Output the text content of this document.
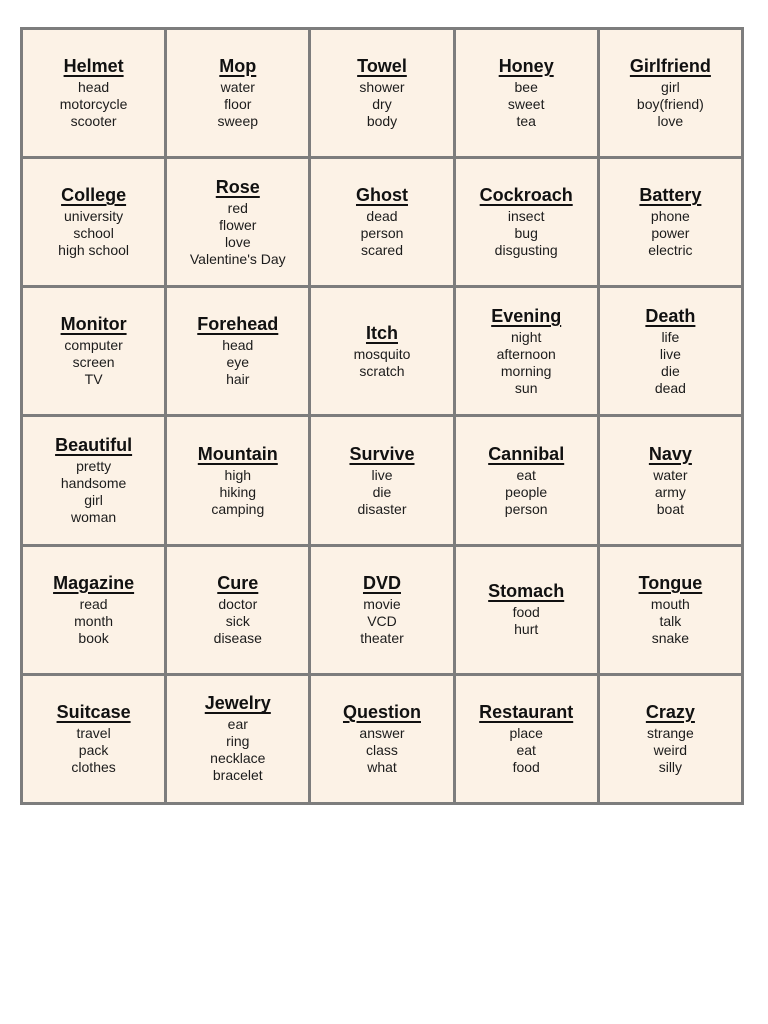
Helmet
head
motorcycle
scooter
Mop
water
floor
sweep
Towel
shower
dry
body
Honey
bee
sweet
tea
Girlfriend
girl
boy(friend)
love
College
university
school
high school
Rose
red
flower
love
Valentine's Day
Ghost
dead
person
scared
Cockroach
insect
bug
disgusting
Battery
phone
power
electric
Monitor
computer
screen
TV
Forehead
head
eye
hair
Itch
mosquito
scratch
Evening
night
afternoon
morning
sun
Death
life
live
die
dead
Beautiful
pretty
handsome
girl
woman
Mountain
high
hiking
camping
Survive
live
die
disaster
Cannibal
eat
people
person
Navy
water
army
boat
Magazine
read
month
book
Cure
doctor
sick
disease
DVD
movie
VCD
theater
Stomach
food
hurt
Tongue
mouth
talk
snake
Suitcase
travel
pack
clothes
Jewelry
ear
ring
necklace
bracelet
Question
answer
class
what
Restaurant
place
eat
food
Crazy
strange
weird
silly
